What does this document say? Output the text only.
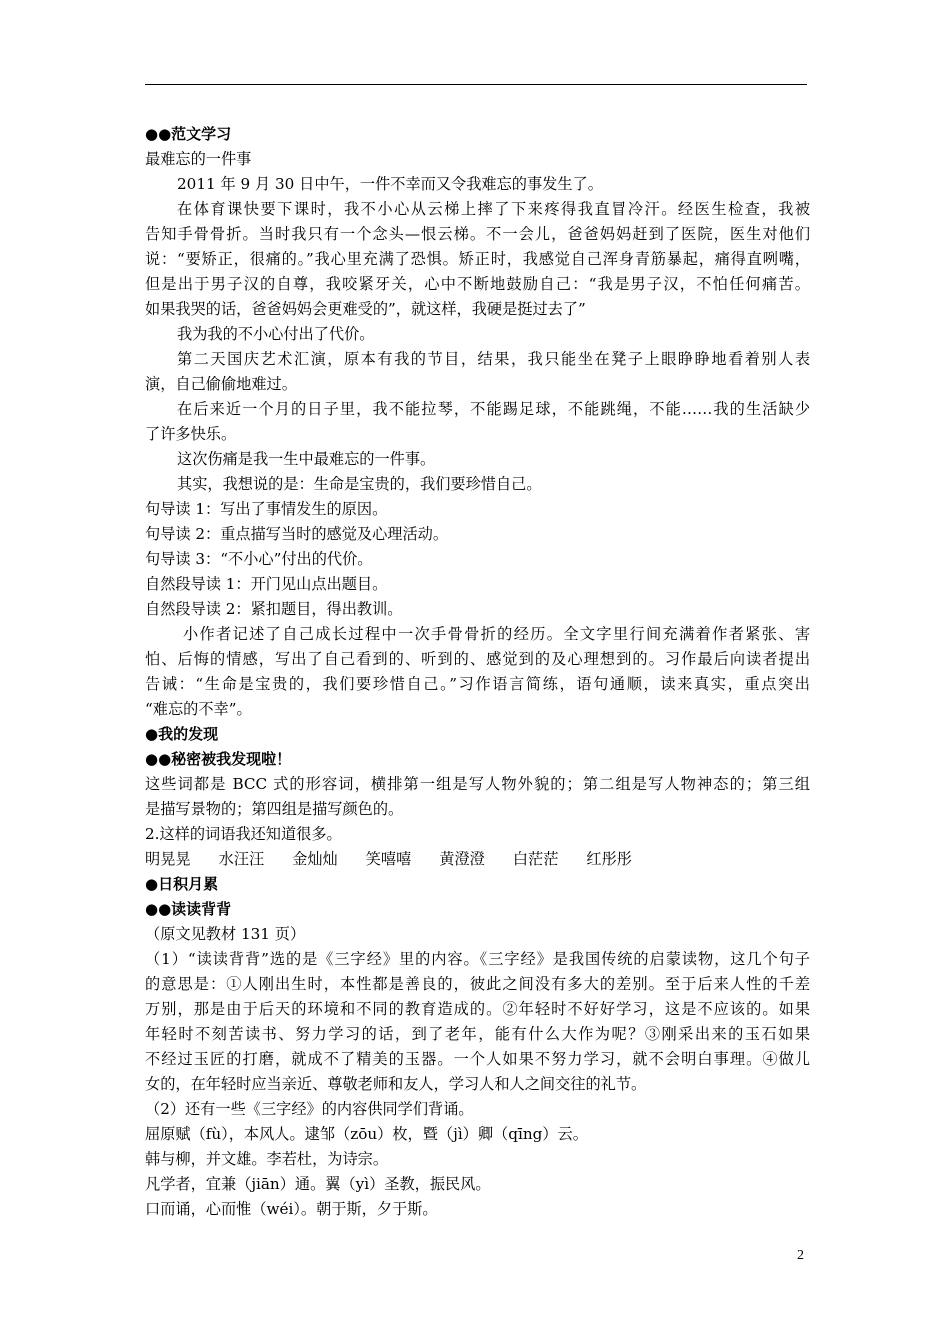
●●范文学习
最难忘的一件事
2011 年 9 月 30 日中午，一件不幸而又令我难忘的事发生了。
在体育课快要下课时，我不小心从云梯上摔了下来疼得我直冒冷汗。经医生检查，我被
告知手骨骨折。当时我只有一个念头—恨云梯。不一会儿，爸爸妈妈赶到了医院，医生对他们
说：“要矫正，很痛的。”我心里充满了恐惧。矫正时，我感觉自己浑身青筋暴起，痛得直咧嘴，
但是出于男子汉的自尊，我咬紧牙关，心中不断地鼓励自己：“我是男子汉，不怕任何痛苦。
如果我哭的话，爸爸妈妈会更难受的”，就这样，我硬是挺过去了”
我为我的不小心付出了代价。
第二天国庆艺术汇演，原本有我的节目，结果，我只能坐在凳子上眼睁睁地看着别人表
演，自己偷偷地难过。
在后来近一个月的日子里，我不能拉琴，不能踢足球，不能跳绳，不能……我的生活缺少
了许多快乐。
这次伤痛是我一生中最难忘的一件事。
其实，我想说的是：生命是宝贵的，我们要珍惜自己。
句导读 1：写出了事情发生的原因。
句导读 2：重点描写当时的感觉及心理活动。
句导读 3：“不小心”付出的代价。
自然段导读 1：开门见山点出题目。
自然段导读 2：紧扣题目，得出教训。
小作者记述了自己成长过程中一次手骨骨折的经历。全文字里行间充满着作者紧张、害
怕、后悔的情感，写出了自己看到的、听到的、感觉到的及心理想到的。习作最后向读者提出
告诫：“生命是宝贵的，我们要珍惜自己。”习作语言简练，语句通顺，读来真实，重点突出
“难忘的不幸”。
●我的发现
●●秘密被我发现啦！
这些词都是 BCC 式的形容词，横排第一组是写人物外貌的；第二组是写人物神态的；第三组
是描写景物的；第四组是描写颜色的。
2.这样的词语我还知道很多。
明晃晃 水汪汪 金灿灿 笑嘻嘻 黄澄澄 白茫茫 红彤彤
●日积月累
●●读读背背
（原文见教材 131 页）
（1）“读读背背”选的是《三字经》里的内容。《三字经》是我国传统的启蒙读物，这几个句子
的意思是：①人刚出生时，本性都是善良的，彼此之间没有多大的差别。至于后来人性的千差
万别，那是由于后天的环境和不同的教育造成的。②年轻时不好好学习，这是不应该的。如果
年轻时不刻苦读书、努力学习的话，到了老年，能有什么大作为呢？③刚采出来的玉石如果
不经过玉匠的打磨，就成不了精美的玉器。一个人如果不努力学习，就不会明白事理。④做儿
女的，在年轻时应当亲近、尊敬老师和友人，学习人和人之间交往的礼节。
（2）还有一些《三字经》的内容供同学们背诵。
屈原赋（fù），本风人。逮邹（zōu）枚，暨（jì）卿（qīng）云。
韩与柳，并文雄。李若杜，为诗宗。
凡学者，宜兼（jiān）通。翼（yì）圣教，振民风。
口而诵，心而惟（wéi）。朝于斯，夕于斯。
2
